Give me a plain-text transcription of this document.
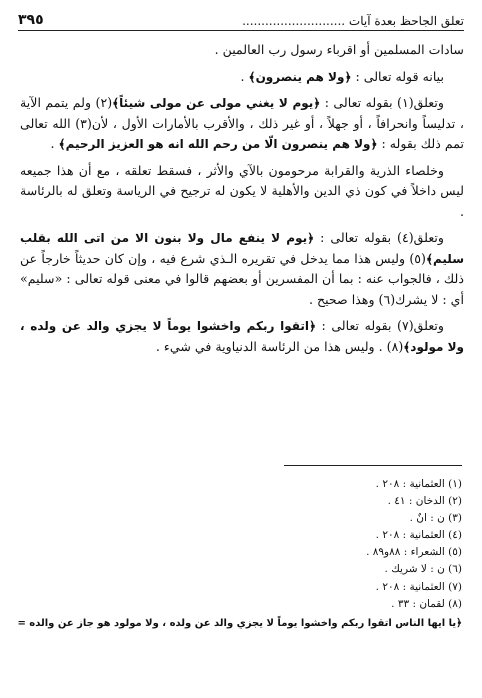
تعلق الجاحظ بعدة آيات ...........................
٣٩٥

سادات المسلمين أو اقرباء رسول رب العالمين .

بيانه قوله تعالى : ﴿ولا هم ينصرون﴾ .

وتعلق(١) بقوله تعالى : ﴿يوم لا يغني مولى عن مولى شيئاً﴾(٢) ولم يتمم الآية ، تدليساً وانحرافاً ، أو جهلاً ، أو غير ذلك ، والأقرب بالأمارات الأول ، لأن(٣) الله تعالى تمم ذلك بقوله : ﴿ولا هم ينصرون الّا من رحم الله انه هو العزيز الرحيم﴾ .

وخلصاء الذرية والقرابة مرحومون بالآي والأثر ، فسقط تعلقه ، مع أن هذا جميعه ليس داخلاً في كون ذي الدين والأهلية لا يكون له ترجيح في الرياسة وتعلق له بالرئاسة .

وتعلق(٤) بقوله تعالى : ﴿يوم لا ينفع مال ولا بنون الا من اتى الله بقلب سليم﴾(٥) وليس هذا مما يدخل في تقريره الـذي شرع فيه ، وإن كان حديثاً خارجاً عن ذلك ، فالجواب عنه : بما أن المفسرين أو بعضهم قالوا في معنى قوله تعالى : «سليم» أي : لا يشرك(٦) وهذا صحيح .

وتعلق(٧) بقوله تعالى : ﴿اتقوا ربكم واخشوا يوماً لا يجزي والد عن ولده ، ولا مولود﴾(٨) . وليس هذا من الرئاسة الدنياوية في شيء .

(١) العثمانية : ٢٠٨ .
(٢) الدخان : ٤١ .
(٣) ن : انٌ .
(٤) العثمانية : ٢٠٨ .
(٥) الشعراء : ٨٨و٨٩ .
(٦) ن : لا شريك .
(٧) العثمانية : ٢٠٨ .
(٨) لقمان : ٣٣ .
﴿يا ايها الناس اتقوا ربكم واخشوا يوماً لا يجزي والد عن ولده ، ولا مولود هو جاز عن والده =
